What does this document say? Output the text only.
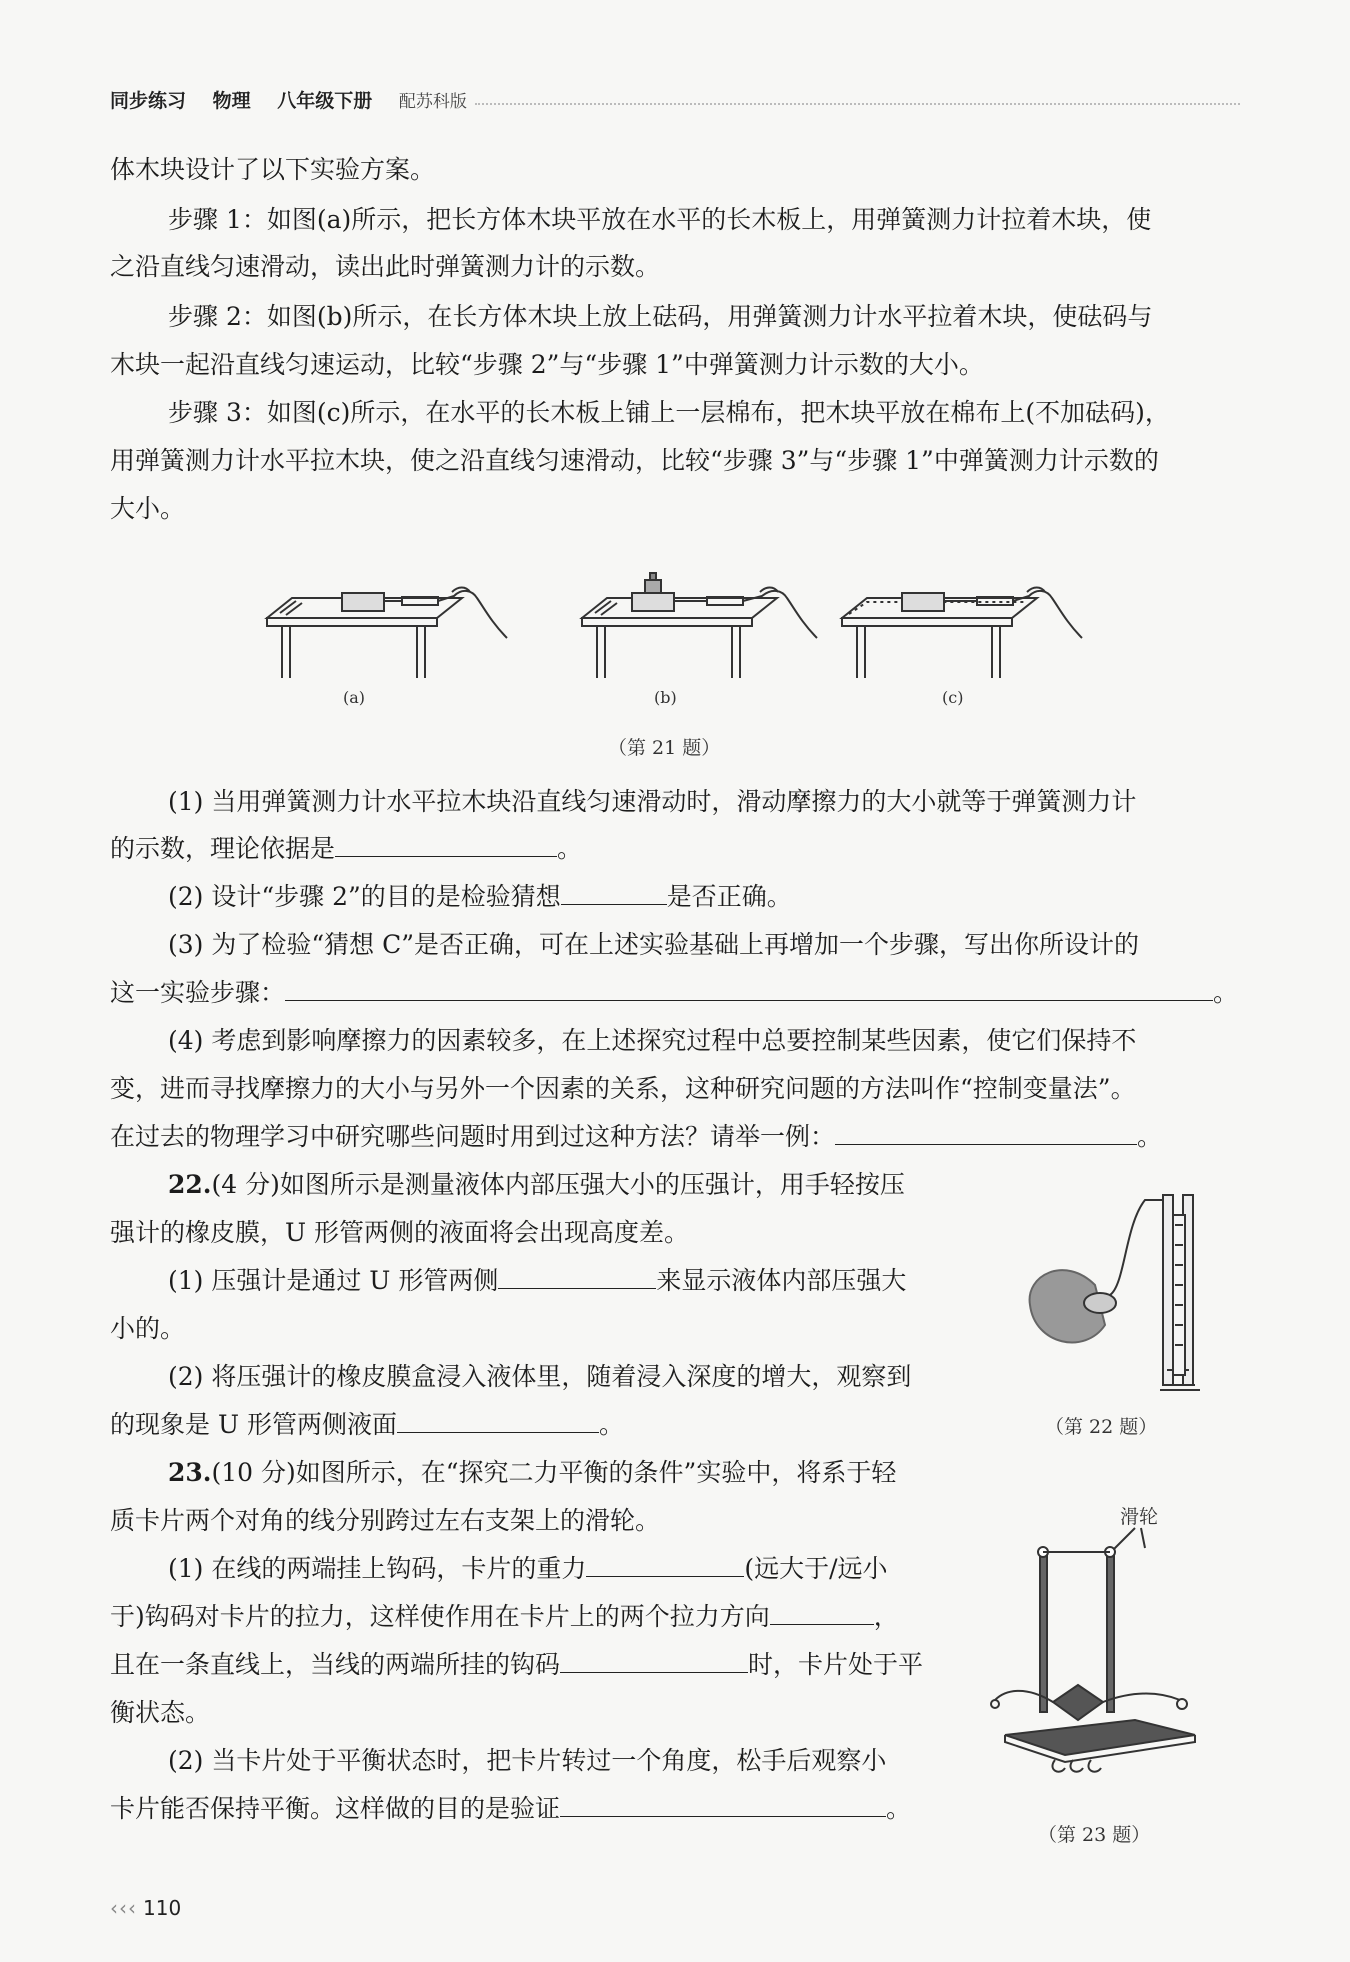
同步练习 物理 八年级下册 配苏科版
体木块设计了以下实验方案。
步骤 1：如图(a)所示，把长方体木块平放在水平的长木板上，用弹簧测力计拉着木块，使
之沿直线匀速滑动，读出此时弹簧测力计的示数。
步骤 2：如图(b)所示，在长方体木块上放上砝码，用弹簧测力计水平拉着木块，使砝码与
木块一起沿直线匀速运动，比较“步骤 2”与“步骤 1”中弹簧测力计示数的大小。
步骤 3：如图(c)所示，在水平的长木板上铺上一层棉布，把木块平放在棉布上(不加砝码)，
用弹簧测力计水平拉木块，使之沿直线匀速滑动，比较“步骤 3”与“步骤 1”中弹簧测力计示数的
大小。
(a)	(b)	(c)
（第 21 题）
(1) 当用弹簧测力计水平拉木块沿直线匀速滑动时，滑动摩擦力的大小就等于弹簧测力计
的示数，理论依据是	。
(2) 设计“步骤 2”的目的是检验猜想	是否正确。
(3) 为了检验“猜想 C”是否正确，可在上述实验基础上再增加一个步骤，写出你所设计的
这一实验步骤：	。
(4) 考虑到影响摩擦力的因素较多，在上述探究过程中总要控制某些因素，使它们保持不
变，进而寻找摩擦力的大小与另外一个因素的关系，这种研究问题的方法叫作“控制变量法”。
在过去的物理学习中研究哪些问题时用到过这种方法？请举一例：	。
22.(4 分)如图所示是测量液体内部压强大小的压强计，用手轻按压
强计的橡皮膜，U 形管两侧的液面将会出现高度差。
(1) 压强计是通过 U 形管两侧	来显示液体内部压强大
小的。
(2) 将压强计的橡皮膜盒浸入液体里，随着浸入深度的增大，观察到
的现象是 U 形管两侧液面	。	（第 22 题）
23.(10 分)如图所示，在“探究二力平衡的条件”实验中，将系于轻
质卡片两个对角的线分别跨过左右支架上的滑轮。
(1) 在线的两端挂上钩码，卡片的重力	(远大于/远小
于)钩码对卡片的拉力，这样使作用在卡片上的两个拉力方向	，
且在一条直线上，当线的两端所挂的钩码	时，卡片处于平
衡状态。
(2) 当卡片处于平衡状态时，把卡片转过一个角度，松手后观察小
卡片能否保持平衡。这样做的目的是验证	。
滑轮
（第 23 题）
‹‹‹ 110
